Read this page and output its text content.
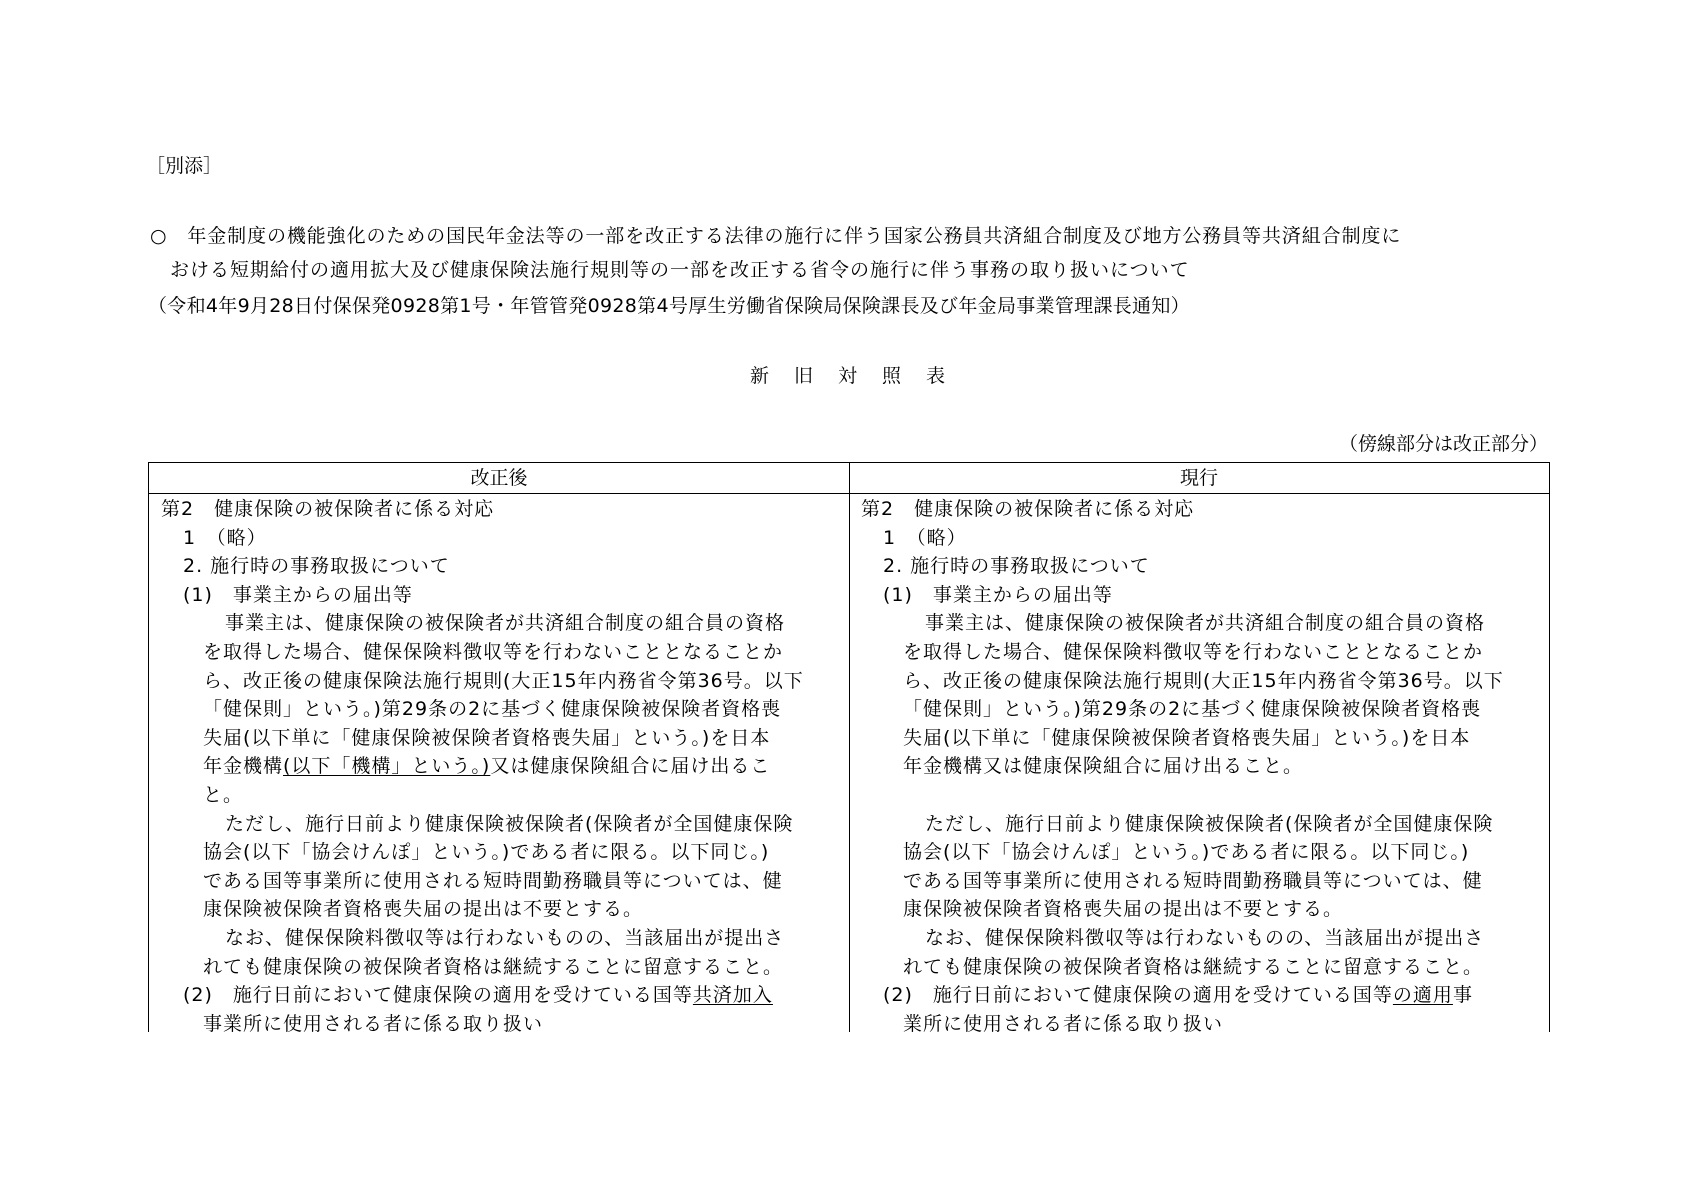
［別添］
○　年金制度の機能強化のための国民年金法等の一部を改正する法律の施行に伴う国家公務員共済組合制度及び地方公務員等共済組合制度に
おける短期給付の適用拡大及び健康保険法施行規則等の一部を改正する省令の施行に伴う事務の取り扱いについて
（令和4年9月28日付保保発0928第1号・年管管発0928第4号厚生労働省保険局保険課長及び年金局事業管理課長通知）
新　旧　対　照　表
（傍線部分は改正部分）
改正後	現行
第2　健康保険の被保険者に係る対応
1　（略）
2. 施行時の事務取扱について
(1)　事業主からの届出等
事業主は、健康保険の被保険者が共済組合制度の組合員の資格
を取得した場合、健保保険料徴収等を行わないこととなることか
ら、改正後の健康保険法施行規則(大正15年内務省令第36号。以下
「健保則」という。)第29条の2に基づく健康保険被保険者資格喪
失届(以下単に「健康保険被保険者資格喪失届」という。)を日本
年金機構(以下「機構」という。)又は健康保険組合に届け出るこ
と。
ただし、施行日前より健康保険被保険者(保険者が全国健康保険
協会(以下「協会けんぽ」という。)である者に限る。以下同じ。)
である国等事業所に使用される短時間勤務職員等については、健
康保険被保険者資格喪失届の提出は不要とする。
なお、健保保険料徴収等は行わないものの、当該届出が提出さ
れても健康保険の被保険者資格は継続することに留意すること。
(2)　施行日前において健康保険の適用を受けている国等共済加入
事業所に使用される者に係る取り扱い
第2　健康保険の被保険者に係る対応
1　（略）
2. 施行時の事務取扱について
(1)　事業主からの届出等
事業主は、健康保険の被保険者が共済組合制度の組合員の資格
を取得した場合、健保保険料徴収等を行わないこととなることか
ら、改正後の健康保険法施行規則(大正15年内務省令第36号。以下
「健保則」という。)第29条の2に基づく健康保険被保険者資格喪
失届(以下単に「健康保険被保険者資格喪失届」という。)を日本
年金機構又は健康保険組合に届け出ること。
ただし、施行日前より健康保険被保険者(保険者が全国健康保険
協会(以下「協会けんぽ」という。)である者に限る。以下同じ。)
である国等事業所に使用される短時間勤務職員等については、健
康保険被保険者資格喪失届の提出は不要とする。
なお、健保保険料徴収等は行わないものの、当該届出が提出さ
れても健康保険の被保険者資格は継続することに留意すること。
(2)　施行日前において健康保険の適用を受けている国等の適用事
業所に使用される者に係る取り扱い
